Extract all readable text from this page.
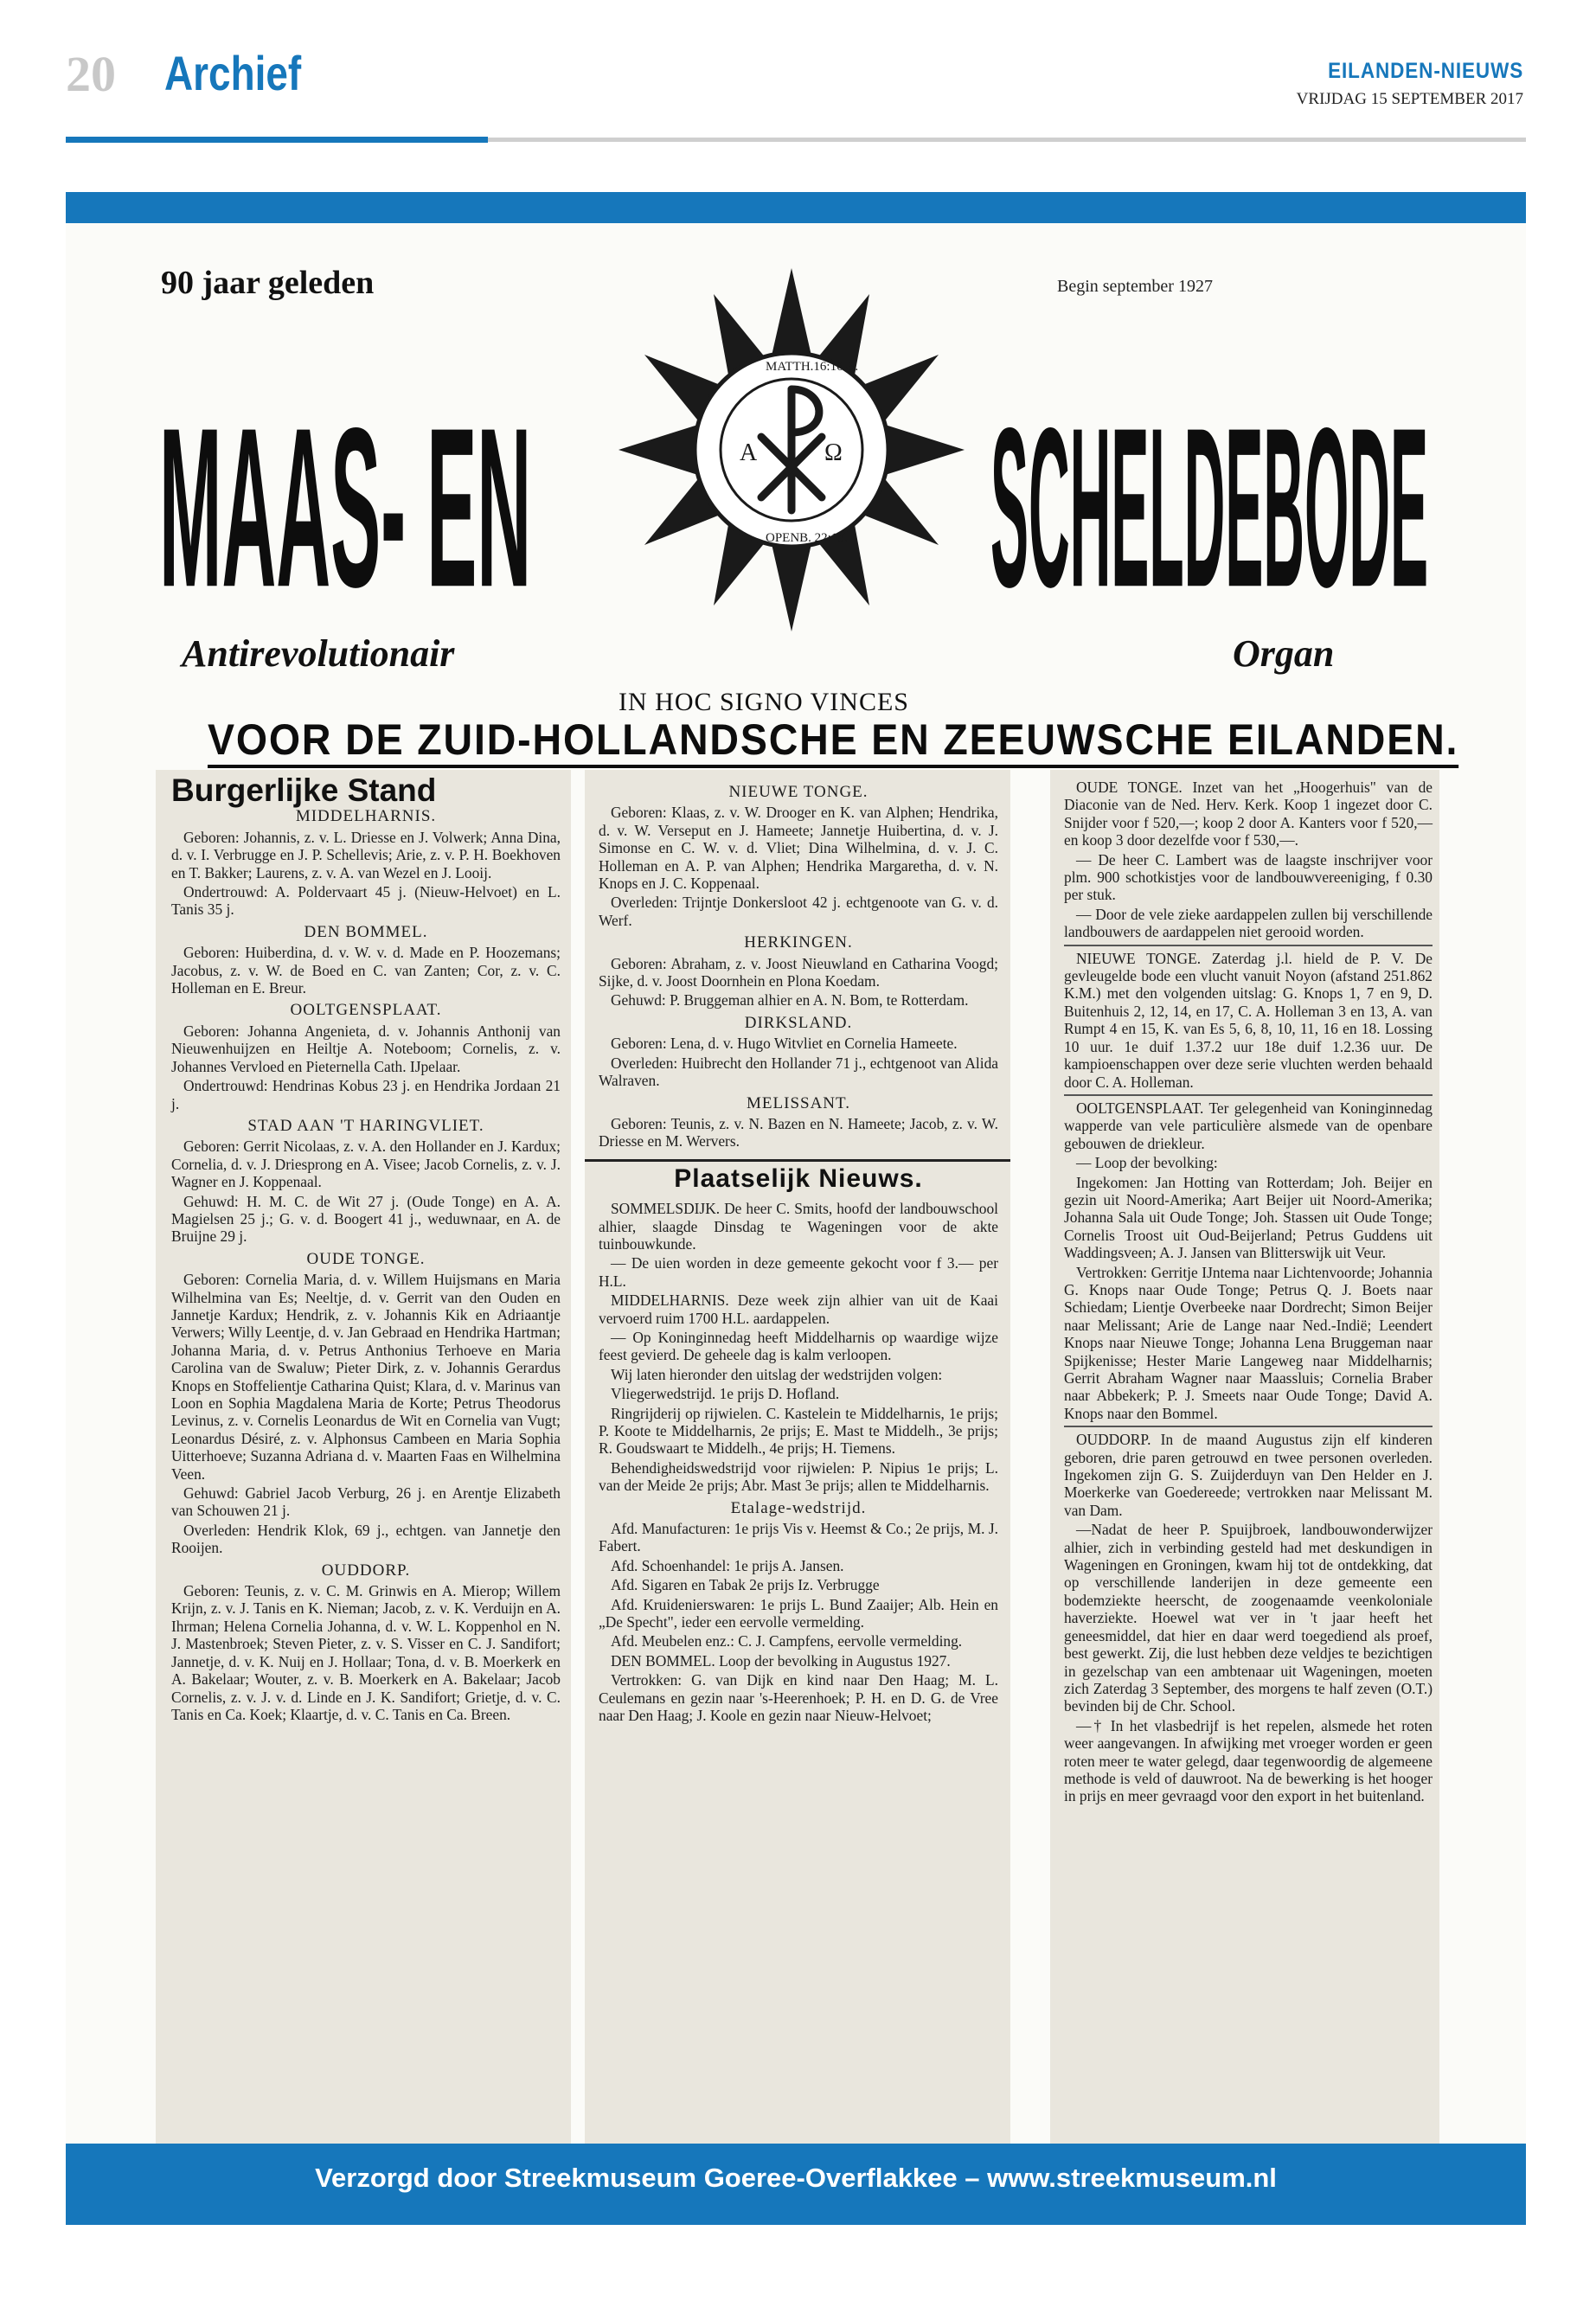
20 Archief	EILANDEN-NIEUWS
VRIJDAG 15 SEPTEMBER 2017
90 jaar geleden	Begin september 1927
MAAS- EN	SCHELDEBODE
A	Ω
MATTH.16:16 B.
OPENB. 22:13.
Antirevolutionair	Organ
IN HOC SIGNO VINCES
VOOR DE ZUID-HOLLANDSCHE EN ZEEUWSCHE EILANDEN.
Burgerlijke Stand
MIDDELHARNIS.

Geboren: Johannis, z. v. L. Driesse en J. Volwerk; Anna Dina, d. v. I. Verbrugge en J. P. Schellevis; Arie, z. v. P. H. Boekhoven en T. Bakker; Laurens, z. v. A. van Wezel en J. Looij.

Ondertrouwd: A. Poldervaart 45 j. (Nieuw-Helvoet) en L. Tanis 35 j.

DEN BOMMEL.

Geboren: Huiberdina, d. v. W. v. d. Made en P. Hoozemans; Jacobus, z. v. W. de Boed en C. van Zanten; Cor, z. v. C. Holleman en E. Breur.

OOLTGENSPLAAT.

Geboren: Johanna Angenieta, d. v. Johannis Anthonij van Nieuwenhuijzen en Heiltje A. Noteboom; Cornelis, z. v. Johannes Vervloed en Pieternella Cath. IJpelaar.

Ondertrouwd: Hendrinas Kobus 23 j. en Hendrika Jordaan 21 j.

STAD AAN 'T HARINGVLIET.

Geboren: Gerrit Nicolaas, z. v. A. den Hollander en J. Kardux; Cornelia, d. v. J. Driesprong en A. Visee; Jacob Cornelis, z. v. J. Wagner en J. Koppenaal.

Gehuwd: H. M. C. de Wit 27 j. (Oude Tonge) en A. A. Magielsen 25 j.; G. v. d. Boogert 41 j., weduwnaar, en A. de Bruijne 29 j.

OUDE TONGE.

Geboren: Cornelia Maria, d. v. Willem Huijsmans en Maria Wilhelmina van Es; Neeltje, d. v. Gerrit van den Ouden en Jannetje Kardux; Hendrik, z. v. Johannis Kik en Adriaantje Verwers; Willy Leentje, d. v. Jan Gebraad en Hendrika Hartman; Johanna Maria, d. v. Petrus Anthonius Terhoeve en Maria Carolina van de Swaluw; Pieter Dirk, z. v. Johannis Gerardus Knops en Stoffelientje Catharina Quist; Klara, d. v. Marinus van Loon en Sophia Magdalena Maria de Korte; Petrus Theodorus Levinus, z. v. Cornelis Leonardus de Wit en Cornelia van Vugt; Leonardus Désiré, z. v. Alphonsus Cambeen en Maria Sophia Uitterhoeve; Suzanna Adriana d. v. Maarten Faas en Wilhelmina Veen.

Gehuwd: Gabriel Jacob Verburg, 26 j. en Arentje Elizabeth van Schouwen 21 j.

Overleden: Hendrik Klok, 69 j., echtgen. van Jannetje den Rooijen.

OUDDORP.

Geboren: Teunis, z. v. C. M. Grinwis en A. Mierop; Willem Krijn, z. v. J. Tanis en K. Nieman; Jacob, z. v. K. Verduijn en A. Ihrman; Helena Cornelia Johanna, d. v. W. L. Koppenhol en N. J. Mastenbroek; Steven Pieter, z. v. S. Visser en C. J. Sandifort; Jannetje, d. v. K. Nuij en J. Hollaar; Tona, d. v. B. Moerkerk en A. Bakelaar; Wouter, z. v. B. Moerkerk en A. Bakelaar; Jacob Cornelis, z. v. J. v. d. Linde en J. K. Sandifort; Grietje, d. v. C. Tanis en Ca. Koek; Klaartje, d. v. C. Tanis en Ca. Breen.

NIEUWE TONGE.

Geboren: Klaas, z. v. W. Drooger en K. van Alphen; Hendrika, d. v. W. Verseput en J. Hameete; Jannetje Huibertina, d. v. J. Simonse en C. W. v. d. Vliet; Dina Wilhelmina, d. v. J. C. Holleman en A. P. van Alphen; Hendrika Margaretha, d. v. N. Knops en J. C. Koppenaal.

Overleden: Trijntje Donkersloot 42 j. echtgenoote van G. v. d. Werf.

HERKINGEN.

Geboren: Abraham, z. v. Joost Nieuwland en Catharina Voogd; Sijke, d. v. Joost Doornhein en Plona Koedam.

Gehuwd: P. Bruggeman alhier en A. N. Bom, te Rotterdam.

DIRKSLAND.

Geboren: Lena, d. v. Hugo Witvliet en Cornelia Hameete.

Overleden: Huibrecht den Hollander 71 j., echtgenoot van Alida Walraven.

MELISSANT.

Geboren: Teunis, z. v. N. Bazen en N. Hameete; Jacob, z. v. W. Driesse en M. Wervers.

Plaatselijk Nieuws.

SOMMELSDIJK. De heer C. Smits, hoofd der landbouwschool alhier, slaagde Dinsdag te Wageningen voor de akte tuinbouwkunde.

— De uien worden in deze gemeente gekocht voor f 3.— per H.L.

MIDDELHARNIS. Deze week zijn alhier van uit de Kaai vervoerd ruim 1700 H.L. aardappelen.

— Op Koninginnedag heeft Middelharnis op waardige wijze feest gevierd. De geheele dag is kalm verloopen.

Wij laten hieronder den uitslag der wedstrijden volgen:

Vliegerwedstrijd. 1e prijs D. Hofland.

Ringrijderij op rijwielen. C. Kastelein te Middelharnis, 1e prijs; P. Koote te Middelharnis, 2e prijs; E. Mast te Middelh., 3e prijs; R. Goudswaart te Middelh., 4e prijs; H. Tiemens.

Behendigheidswedstrijd voor rijwielen: P. Nipius 1e prijs; L. van der Meide 2e prijs; Abr. Mast 3e prijs; allen te Middelharnis.

Etalage-wedstrijd.

Afd. Manufacturen: 1e prijs Vis v. Heemst & Co.; 2e prijs, M. J. Fabert.

Afd. Schoenhandel: 1e prijs A. Jansen.

Afd. Sigaren en Tabak 2e prijs Iz. Verbrugge

Afd. Kruidenierswaren: 1e prijs L. Bund Zaaijer; Alb. Hein en „De Specht", ieder een eervolle vermelding.

Afd. Meubelen enz.: C. J. Campfens, eervolle vermelding.

DEN BOMMEL. Loop der bevolking in Augustus 1927.

Vertrokken: G. van Dijk en kind naar Den Haag; M. L. Ceulemans en gezin naar 's-Heerenhoek; P. H. en D. G. de Vree naar Den Haag; J. Koole en gezin naar Nieuw-Helvoet;

OUDE TONGE. Inzet van het „Hoogerhuis" van de Diaconie van de Ned. Herv. Kerk. Koop 1 ingezet door C. Snijder voor f 520,—; koop 2 door A. Kanters voor f 520,— en koop 3 door dezelfde voor f 530,—.

— De heer C. Lambert was de laagste inschrijver voor plm. 900 schotkistjes voor de landbouwvereeniging, f 0.30 per stuk.

— Door de vele zieke aardappelen zullen bij verschillende landbouwers de aardappelen niet gerooid worden.

NIEUWE TONGE. Zaterdag j.l. hield de P. V. De gevleugelde bode een vlucht vanuit Noyon (afstand 251.862 K.M.) met den volgenden uitslag: G. Knops 1, 7 en 9, D. Buitenhuis 2, 12, 14, en 17, C. A. Holleman 3 en 13, A. van Rumpt 4 en 15, K. van Es 5, 6, 8, 10, 11, 16 en 18. Lossing 10 uur. 1e duif 1.37.2 uur 18e duif 1.2.36 uur. De kampioenschappen over deze serie vluchten werden behaald door C. A. Holleman.

OOLTGENSPLAAT. Ter gelegenheid van Koninginnedag wapperde van vele particulière alsmede van de openbare gebouwen de driekleur.

— Loop der bevolking:

Ingekomen: Jan Hotting van Rotterdam; Joh. Beijer en gezin uit Noord-Amerika; Aart Beijer uit Noord-Amerika; Johanna Sala uit Oude Tonge; Joh. Stassen uit Oude Tonge; Cornelis Troost uit Oud-Beijerland; Petrus Guddens uit Waddingsveen; A. J. Jansen van Blitterswijk uit Veur.

Vertrokken: Gerritje IJntema naar Lichtenvoorde; Johannia G. Knops naar Oude Tonge; Petrus Q. J. Boets naar Schiedam; Lientje Overbeeke naar Dordrecht; Simon Beijer naar Melissant; Arie de Lange naar Ned.-Indië; Leendert Knops naar Nieuwe Tonge; Johanna Lena Bruggeman naar Spijkenisse; Hester Marie Langeweg naar Middelharnis; Gerrit Abraham Wagner naar Maassluis; Cornelia Braber naar Abbekerk; P. J. Smeets naar Oude Tonge; David A. Knops naar den Bommel.

OUDDORP. In de maand Augustus zijn elf kinderen geboren, drie paren getrouwd en twee personen overleden. Ingekomen zijn G. S. Zuijderduyn van Den Helder en J. Moerkerke van Goedereede; vertrokken naar Melissant M. van Dam.

—Nadat de heer P. Spuijbroek, landbouwonderwijzer alhier, zich in verbinding gesteld had met deskundigen in Wageningen en Groningen, kwam hij tot de ontdekking, dat op verschillende landerijen in deze gemeente een bodemziekte heerscht, de zoogenaamde veenkoloniale haverziekte. Hoewel wat ver in 't jaar heeft het geneesmiddel, dat hier en daar werd toegediend als proef, best gewerkt. Zij, die lust hebben deze veldjes te bezichtigen in gezelschap van een ambtenaar uit Wageningen, moeten zich Zaterdag 3 September, des morgens te half zeven (O.T.) bevinden bij de Chr. School.

—† In het vlasbedrijf is het repelen, alsmede het roten weer aangevangen. In afwijking met vroeger worden er geen roten meer te water gelegd, daar tegenwoordig de algemeene methode is veld of dauwroot. Na de bewerking is het hooger in prijs en meer gevraagd voor den export in het buitenland.

Verzorgd door Streekmuseum Goeree-Overflakkee – www.streekmuseum.nl
